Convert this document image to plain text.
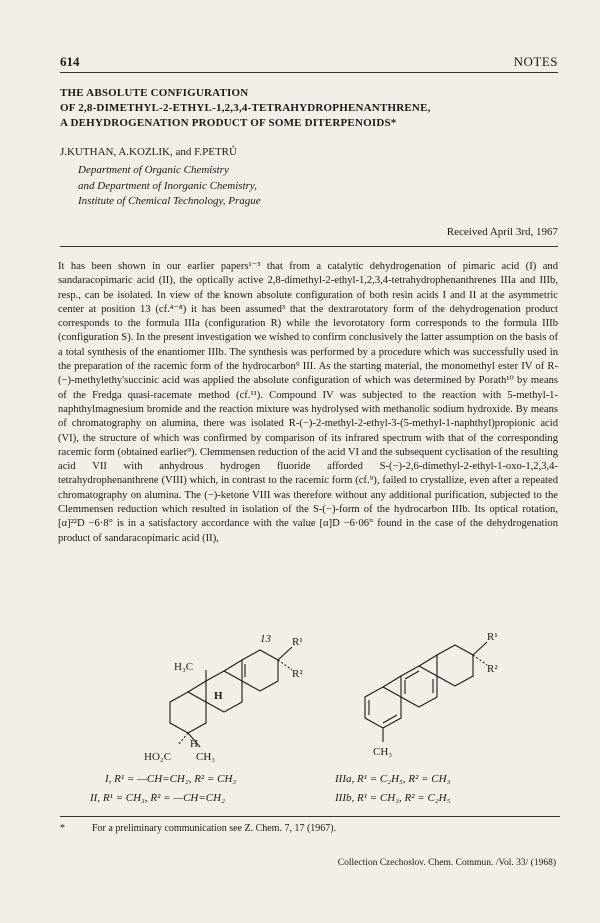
614	NOTES
THE ABSOLUTE CONFIGURATION
OF 2,8-DIMETHYL-2-ETHYL-1,2,3,4-TETRAHYDROPHENANTHRENE,
A DEHYDROGENATION PRODUCT OF SOME DITERPENOIDS*
J.KUTHAN, A.KOZLIK, and F.PETRŮ
Department of Organic Chemistry
and Department of Inorganic Chemistry,
Institute of Chemical Technology, Prague
Received April 3rd, 1967

It has been shown in our earlier papers¹⁻³ that from a catalytic dehydrogenation of pimaric acid (I) and sandaracopimaric acid (II), the optically active 2,8-dimethyl-2-ethyl-1,2,3,4-tetrahydrophenanthrenes IIIa and IIIb, resp., can be isolated. In view of the known absolute configuration of both resin acids I and II at the asymmetric center at position 13 (cf.⁴⁻⁸) it has been assumed³ that the dextrarotatory form of the dehydrogenation product corresponds to the formula IIIa (configuration R) while the levorotatory form corresponds to the formula IIIb (configuration S). In the present investigation we wished to confirm conclusively the latter assumption on the basis of a total synthesis of the enantiomer IIIb. The synthesis was performed by a procedure which was successfully used in the preparation of the racemic form of the hydrocarbon⁹ III. As the starting material, the monomethyl ester IV of R-(−)-methylethy'succinic acid was applied the absolute configuration of which was determined by Porath¹⁰ by means of the Fredga quasi-racemate method (cf.¹¹). Compound IV was subjected to the reaction with 5-methyl-1-naphthylmagnesium bromide and the reaction mixture was hydrolysed with methanolic sodium hydroxide. By means of chromatography on alumina, there was isolated R-(−)-2-methyl-2-ethyl-3-(5-methyl-1-naphthyl)propionic acid (VI), the structure of which was confirmed by comparison of its infrared spectrum with that of the corresponding racemic form (obtained earlier⁹). Clemmensen reduction of the acid VI and the subsequent cyclisation of the resulting acid VII with anhydrous hydrogen fluoride afforded S-(−)-2,6-dimethyl-2-ethyl-1-oxo-1,2,3,4-tetrahydrophenanthrene (VIII) which, in contrast to the racemic form (cf.⁹), failed to crystallize, even after a repeated chromatography on alumina. The (−)-ketone VIII was therefore without any additional purification, subjected to the Clemmensen reduction which resulted in isolation of the S-(−)-form of the hydrocarbon IIIb. Its optical rotation, [α]²²D −6·8° is in a satisfactory accordance with the value [α]D −6·06° found in the case of the dehydrogenation product of sandaracopimaric acid (II),

13 R¹
R²
H₃C
H
H
HO₂C CH₃
R¹
R²
CH₃
I, R¹ = —CH=CH₂, R² = CH₃
II, R¹ = CH₃, R² = —CH=CH₂
IIIa, R¹ = C₂H₅, R² = CH₃
IIIb, R¹ = CH₃, R² = C₂H₅
*	For a preliminary communication see Z. Chem. 7, 17 (1967).
Collection Czechoslov. Chem. Commun. /Vol. 33/ (1968)
